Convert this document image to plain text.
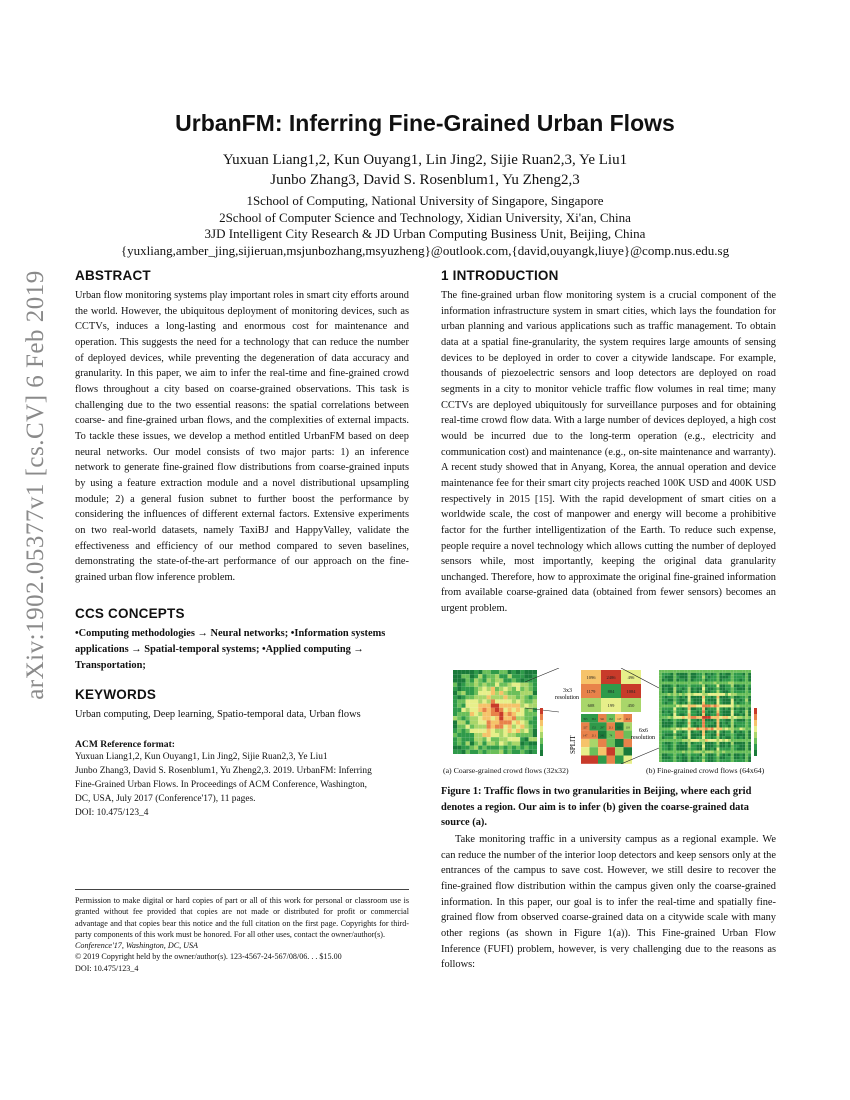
arXiv:1902.05377v1 [cs.CV] 6 Feb 2019
UrbanFM: Inferring Fine-Grained Urban Flows
Yuxuan Liang1,2, Kun Ouyang1, Lin Jing2, Sijie Ruan2,3, Ye Liu1
Junbo Zhang3, David S. Rosenblum1, Yu Zheng2,3
1School of Computing, National University of Singapore, Singapore
2School of Computer Science and Technology, Xidian University, Xi'an, China
3JD Intelligent City Research & JD Urban Computing Business Unit, Beijing, China
{yuxliang,amber_jing,sijieruan,msjunbozhang,msyuzheng}@outlook.com,{david,ouyangk,liuye}@comp.nus.edu.sg
ABSTRACT

Urban flow monitoring systems play important roles in smart city efforts around the world. However, the ubiquitous deployment of monitoring devices, such as CCTVs, induces a long-lasting and enormous cost for maintenance and operation. This suggests the need for a technology that can reduce the number of deployed devices, while preventing the degeneration of data accuracy and granularity. In this paper, we aim to infer the real-time and fine-grained crowd flows throughout a city based on coarse-grained observations. This task is challenging due to the two essential reasons: the spatial correlations between coarse- and fine-grained urban flows, and the complexities of external impacts. To tackle these issues, we develop a method entitled UrbanFM based on deep neural networks. Our model consists of two major parts: 1) an inference network to generate fine-grained flow distributions from coarse-grained inputs by using a feature extraction module and a novel distributional upsampling module; 2) a general fusion subnet to further boost the performance by considering the influences of different external factors. Extensive experiments on two real-world datasets, namely TaxiBJ and HappyValley, validate the effectiveness and efficiency of our method compared to seven baselines, demonstrating the state-of-the-art performance of our approach on the fine-grained urban flow inference problem.

CCS CONCEPTS

•Computing methodologies → Neural networks; •Information systems applications → Spatial-temporal systems; •Applied computing → Transportation;

KEYWORDS

Urban computing, Deep learning, Spatio-temporal data, Urban flows

ACM Reference format:

Yuxuan Liang1,2, Kun Ouyang1, Lin Jing2, Sijie Ruan2,3, Ye Liu1

Junbo Zhang3, David S. Rosenblum1, Yu Zheng2,3. 2019. UrbanFM: Inferring

Fine-Grained Urban Flows. In Proceedings of ACM Conference, Washington,

DC, USA, July 2017 (Conference'17), 11 pages.

DOI: 10.475/123_4

Permission to make digital or hard copies of part or all of this work for personal or classroom use is granted without fee provided that copies are not made or distributed for profit or commercial advantage and that copies bear this notice and the full citation on the first page. Copyrights for third-party components of this work must be honored. For all other uses, contact the owner/author(s).

Conference'17, Washington, DC, USA

© 2019 Copyright held by the owner/author(s). 123-4567-24-567/08/06. . . $15.00

DOI: 10.475/123_4

1 INTRODUCTION

The fine-grained urban flow monitoring system is a crucial component of the information infrastructure system in smart cities, which lays the foundation for urban planning and various applications such as traffic management. To obtain data at a spatial fine-granularity, the system requires large amounts of sensing devices to be deployed in order to cover a citywide landscape. For example, thousands of piezoelectric sensors and loop detectors are deployed on road segments in a city to monitor vehicle traffic flow volumes in real time; many CCTVs are deployed ubiquitously for surveillance purposes and for obtaining real-time crowd flow data. With a large number of devices deployed, a high cost would be incurred due to the long-term operation (e.g., electricity and communication cost) and maintenance (e.g., on-site maintenance and warranty). A recent study showed that in Anyang, Korea, the annual operation and device maintenance fee for their smart city projects reached 100K USD and 400K USD respectively in 2015 [15]. With the rapid development of smart cities on a worldwide scale, the cost of manpower and energy will become a prohibitive factor for the further intelligentization of the Earth. To reduce such expense, people require a novel technology which allows cutting the number of deployed sensors while, most importantly, keeping the original data granularity unchanged. Therefore, how to approximate the original fine-grained information from available coarse-grained data (obtained from fewer sensors) becomes an urgent problem.

1096 2486	496
1179	884	1084
608	199	450
393 361 341 162 117 412
327 152 297 211 103 118
147 211 241 74
3x3
resolution
6x6
resolution
SPLIT
(a) Coarse-grained crowd flows (32x32)	(b) Fine-grained crowd flows (64x64)

Figure 1: Traffic flows in two granularities in Beijing, where each grid denotes a region. Our aim is to infer (b) given the coarse-grained data source (a).

Take monitoring traffic in a university campus as a regional example. We can reduce the number of the interior loop detectors and keep sensors only at the entrances of the campus to save cost. However, we still desire to recover the fine-grained flow distribution within the campus given only the coarse-grained information. In this paper, our goal is to infer the real-time and spatially fine-grained flow from observed coarse-grained data on a citywide scale with many other regions (as shown in Figure 1(a)). This Fine-grained Urban Flow Inference (FUFI) problem, however, is very challenging due to the reasons as follows:
